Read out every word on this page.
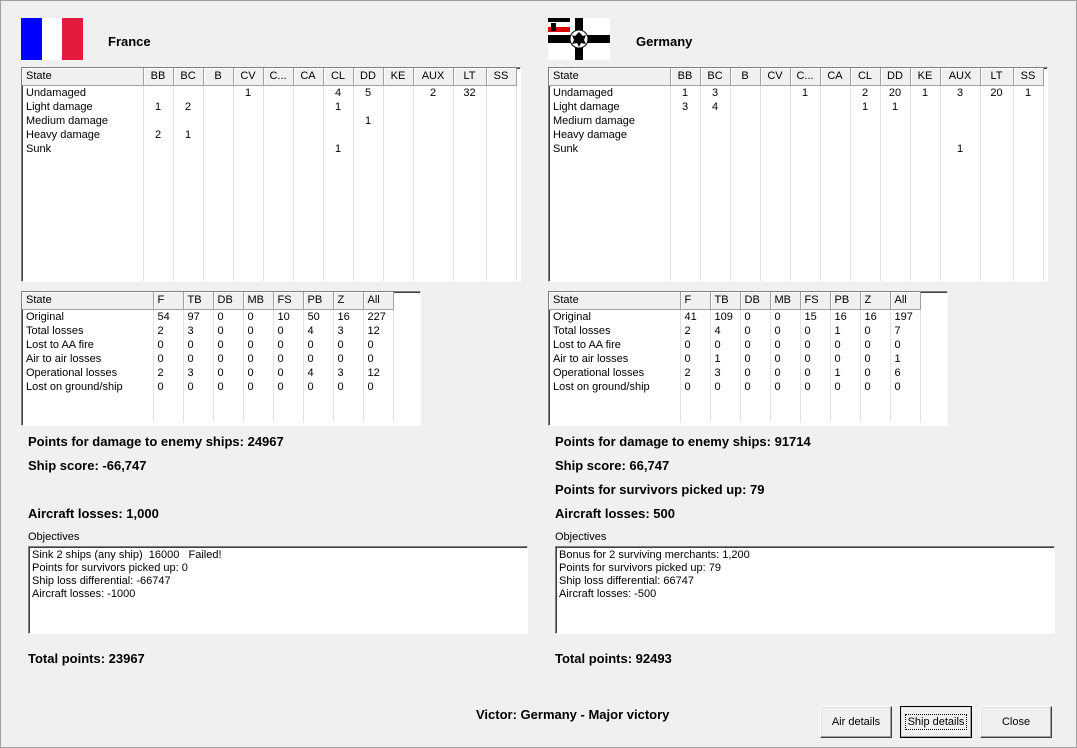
France
State	BB	BC	B	CV	C...	CA	CL	DD	KE	AUX	LT	SS
Undamaged				1			4	5		2	32	
Light damage	1	2					1					
Medium damage								1				
Heavy damage	2	1										
Sunk							1					

State	F	TB	DB	MB	FS	PB	Z	All
Original	54	97	0	0	10	50	16	227
Total losses	2	3	0	0	0	4	3	12
Lost to AA fire	0	0	0	0	0	0	0	0
Air to air losses	0	0	0	0	0	0	0	0
Operational losses	2	3	0	0	0	4	3	12
Lost on ground/ship	0	0	0	0	0	0	0	0

Points for damage to enemy ships: 24967
Ship score: -66,747
Aircraft losses: 1,000
Objectives
Sink 2 ships (any ship)  16000   Failed!
Points for survivors picked up: 0
Ship loss differential: -66747
Aircraft losses: -1000
Total points: 23967
Germany
State	BB	BC	B	CV	C...	CA	CL	DD	KE	AUX	LT	SS
Undamaged	1	3			1		2	20	1	3	20	1
Light damage	3	4					1	1				
Medium damage												
Heavy damage												
Sunk										1		

State	F	TB	DB	MB	FS	PB	Z	All
Original	41	109	0	0	15	16	16	197
Total losses	2	4	0	0	0	1	0	7
Lost to AA fire	0	0	0	0	0	0	0	0
Air to air losses	0	1	0	0	0	0	0	1
Operational losses	2	3	0	0	0	1	0	6
Lost on ground/ship	0	0	0	0	0	0	0	0

Points for damage to enemy ships: 91714
Ship score: 66,747
Points for survivors picked up: 79
Aircraft losses: 500
Objectives
Bonus for 2 surviving merchants: 1,200
Points for survivors picked up: 79
Ship loss differential: 66747
Aircraft losses: -500
Total points: 92493
Victor: Germany - Major victory	Air details Ship details	Close
